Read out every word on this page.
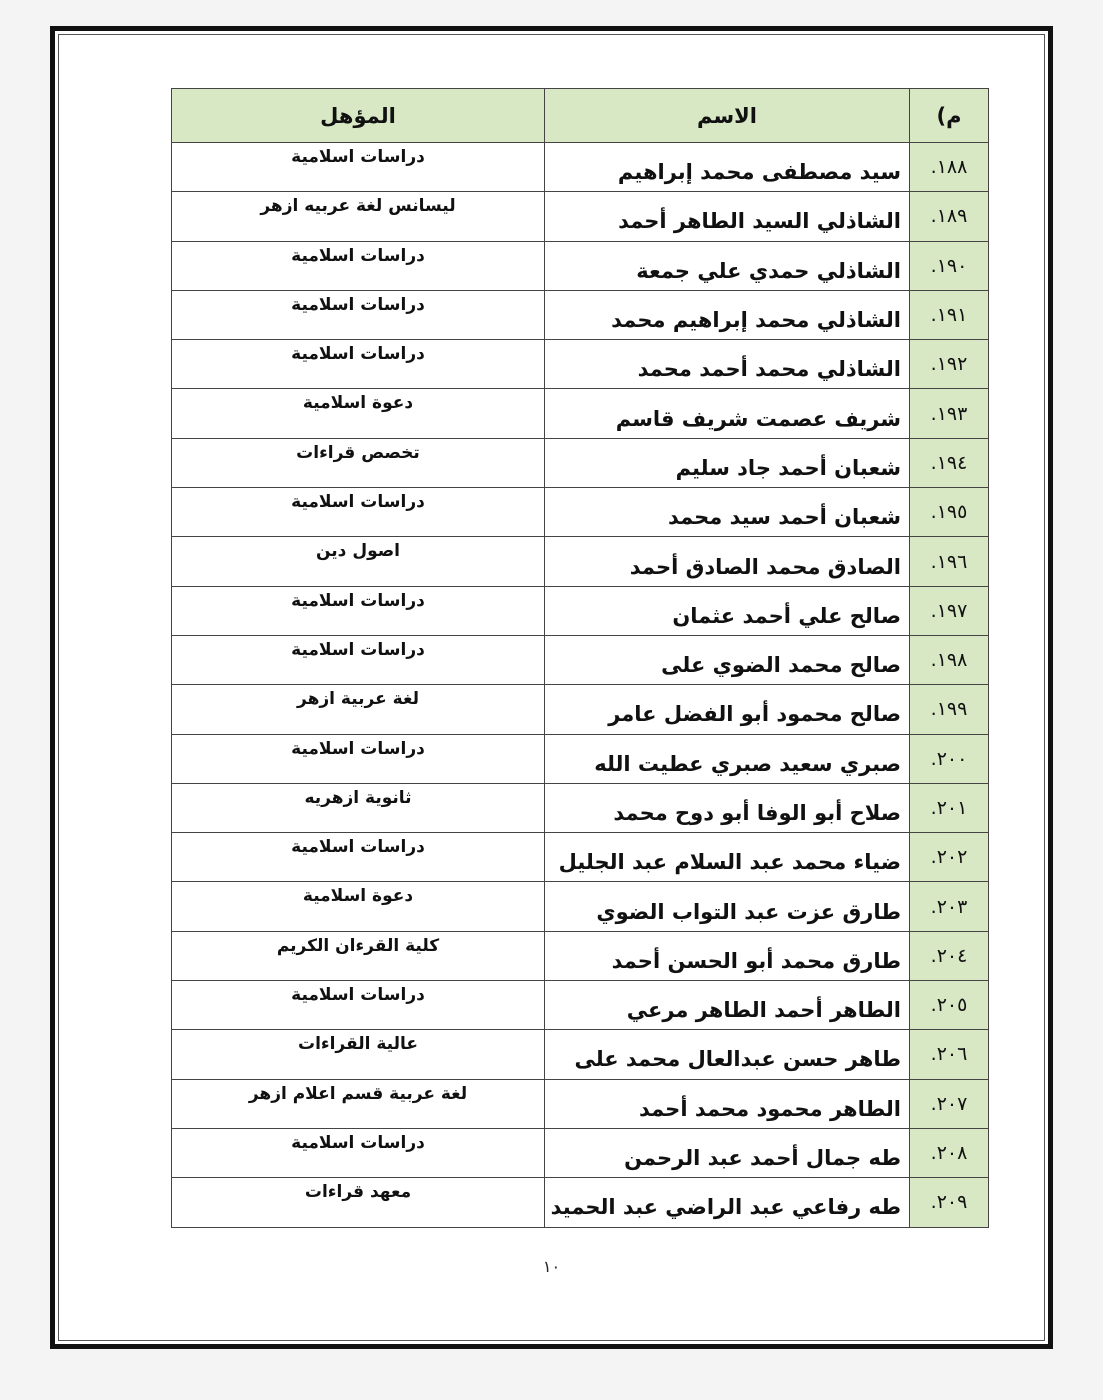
م)	الاسم	المؤهل
١٨٨.	سيد مصطفى محمد إبراهيم	دراسات اسلامية
١٨٩.	الشاذلي السيد الطاهر أحمد	ليسانس لغة عربيه ازهر
١٩٠.	الشاذلي حمدي علي جمعة	دراسات اسلامية
١٩١.	الشاذلي محمد إبراهيم محمد	دراسات اسلامية
١٩٢.	الشاذلي محمد أحمد محمد	دراسات اسلامية
١٩٣.	شريف عصمت شريف قاسم	دعوة اسلامية
١٩٤.	شعبان أحمد جاد سليم	تخصص قراءات
١٩٥.	شعبان أحمد سيد محمد	دراسات اسلامية
١٩٦.	الصادق محمد الصادق أحمد	اصول دين
١٩٧.	صالح علي أحمد عثمان	دراسات اسلامية
١٩٨.	صالح محمد الضوي على	دراسات اسلامية
١٩٩.	صالح محمود أبو الفضل عامر	لغة عربية ازهر
٢٠٠.	صبري سعيد صبري عطيت الله	دراسات اسلامية
٢٠١.	صلاح أبو الوفا أبو دوح محمد	ثانوية ازهريه
٢٠٢.	ضياء محمد عبد السلام عبد الجليل	دراسات اسلامية
٢٠٣.	طارق عزت عبد التواب الضوي	دعوة اسلامية
٢٠٤.	طارق محمد أبو الحسن أحمد	كلية القرءان الكريم
٢٠٥.	الطاهر أحمد الطاهر مرعي	دراسات اسلامية
٢٠٦.	طاهر حسن عبدالعال محمد على	عالية القراءات
٢٠٧.	الطاهر محمود محمد أحمد	لغة عربية قسم اعلام ازهر
٢٠٨.	طه جمال أحمد عبد الرحمن	دراسات اسلامية
٢٠٩.	طه رفاعي عبد الراضي عبد الحميد	معهد قراءات
١٠
